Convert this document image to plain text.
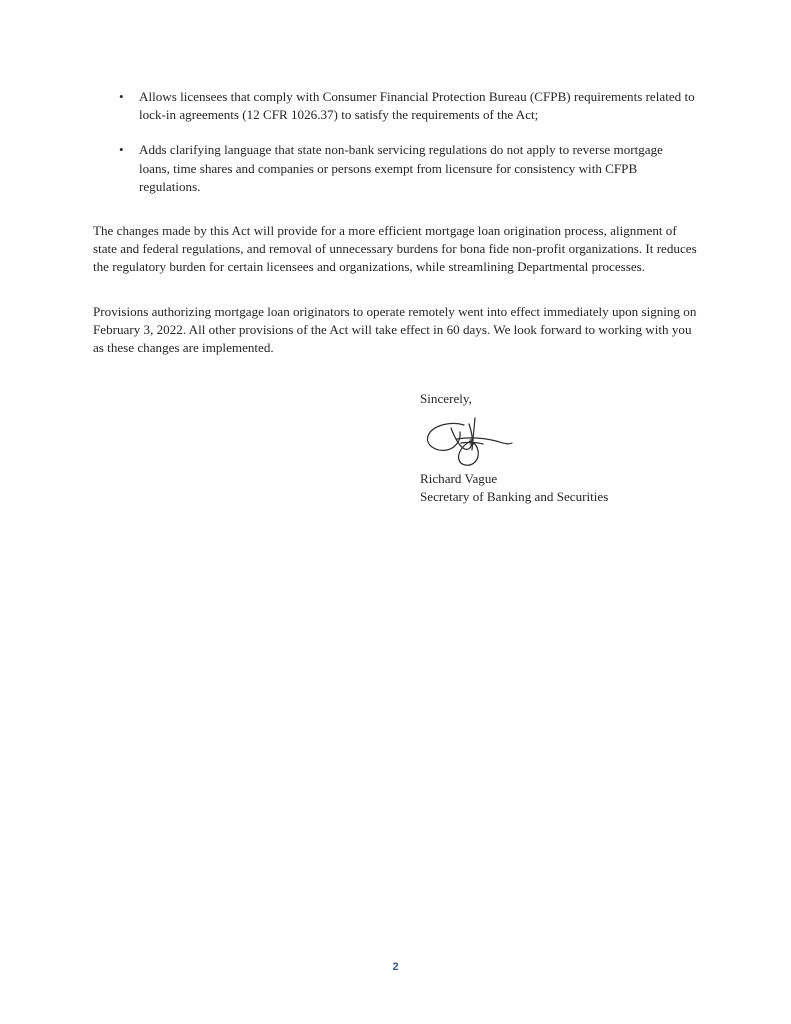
•	Allows licensees that comply with Consumer Financial Protection Bureau (CFPB) requirements related to lock-in agreements (12 CFR 1026.37) to satisfy the requirements of the Act;
•	Adds clarifying language that state non-bank servicing regulations do not apply to reverse mortgage loans, time shares and companies or persons exempt from licensure for consistency with CFPB regulations.

The changes made by this Act will provide for a more efficient mortgage loan origination process, alignment of state and federal regulations, and removal of unnecessary burdens for bona fide non-profit organizations. It reduces the regulatory burden for certain licensees and organizations, while streamlining Departmental processes.

Provisions authorizing mortgage loan originators to operate remotely went into effect immediately upon signing on February 3, 2022. All other provisions of the Act will take effect in 60 days. We look forward to working with you as these changes are implemented.

Sincerely,

Richard Vague

Secretary of Banking and Securities

2
